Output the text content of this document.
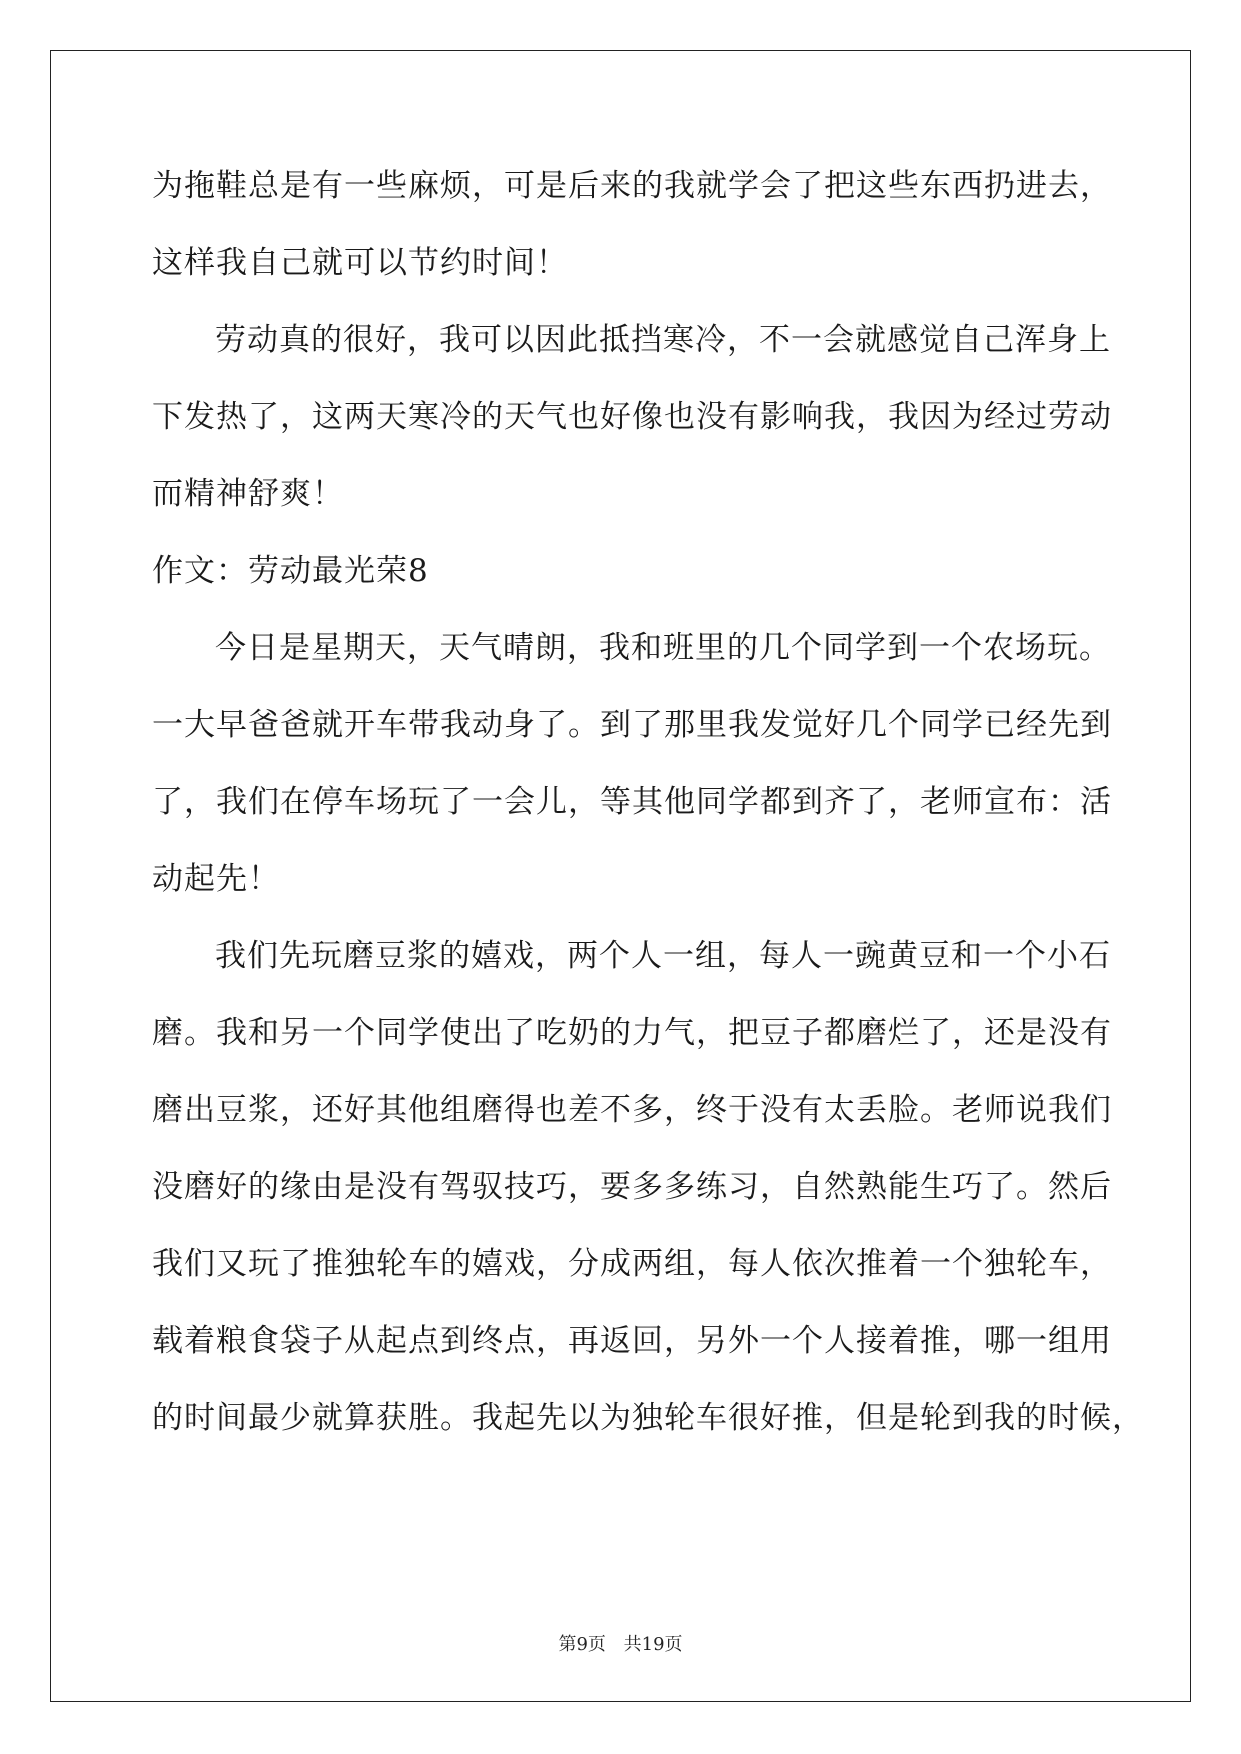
为拖鞋总是有一些麻烦，可是后来的我就学会了把这些东西扔进去，
这样我自己就可以节约时间！
劳动真的很好，我可以因此抵挡寒冷，不一会就感觉自己浑身上
下发热了，这两天寒冷的天气也好像也没有影响我，我因为经过劳动
而精神舒爽！
作文：劳动最光荣8
今日是星期天，天气晴朗，我和班里的几个同学到一个农场玩。
一大早爸爸就开车带我动身了。到了那里我发觉好几个同学已经先到
了，我们在停车场玩了一会儿，等其他同学都到齐了，老师宣布：活
动起先！
我们先玩磨豆浆的嬉戏，两个人一组，每人一豌黄豆和一个小石
磨。我和另一个同学使出了吃奶的力气，把豆子都磨烂了，还是没有
磨出豆浆，还好其他组磨得也差不多，终于没有太丢脸。老师说我们
没磨好的缘由是没有驾驭技巧，要多多练习，自然熟能生巧了。然后
我们又玩了推独轮车的嬉戏，分成两组，每人依次推着一个独轮车，
载着粮食袋子从起点到终点，再返回，另外一个人接着推，哪一组用
的时间最少就算获胜。我起先以为独轮车很好推，但是轮到我的时候，
第9页 共19页
